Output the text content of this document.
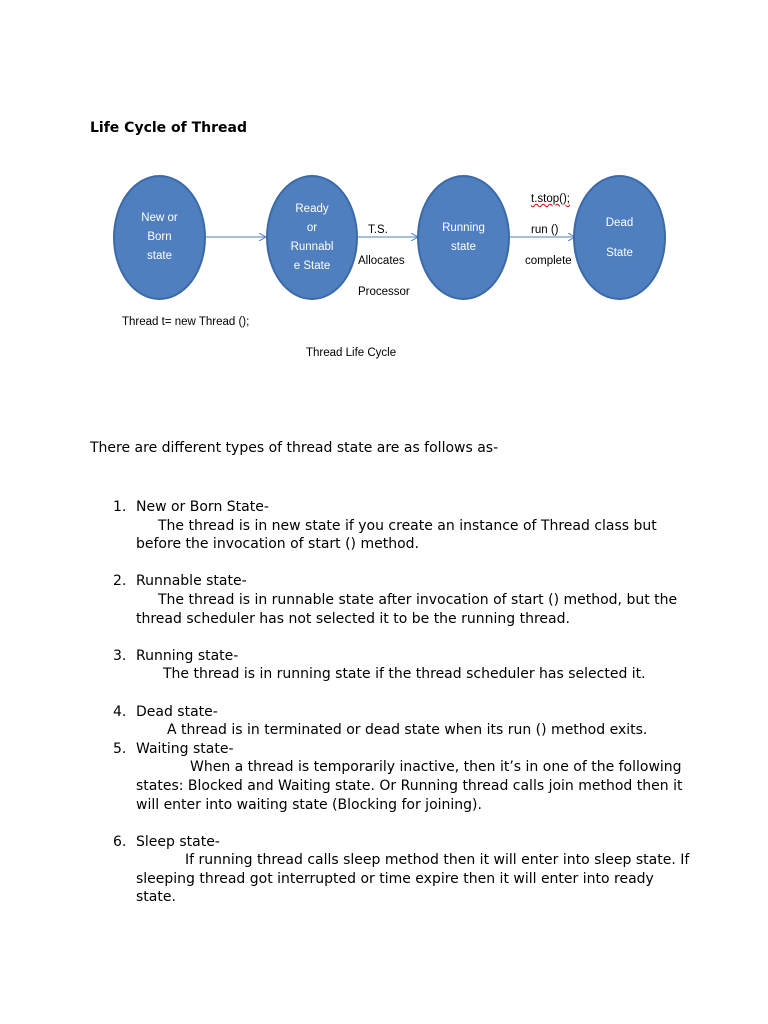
Life Cycle of Thread
New or
Born
state
Ready
or
Runnabl
e State
Running
state
Dead
State
T.S.
Allocates
Processor
t.stop();
run ()
complete
Thread t= new Thread ();
Thread Life Cycle
There are different types of thread state are as follows as-
1. New or Born State-
The thread is in new state if you create an instance of Thread class but before the invocation of start () method.
2. Runnable state-
The thread is in runnable state after invocation of start () method, but the thread scheduler has not selected it to be the running thread.
3. Running state-
The thread is in running state if the thread scheduler has selected it.
4. Dead state-
A thread is in terminated or dead state when its run () method exits.
5. Waiting state-
When a thread is temporarily inactive, then it’s in one of the following states: Blocked and Waiting state. Or Running thread calls join method then it will enter into waiting state (Blocking for joining).
6. Sleep state-
If running thread calls sleep method then it will enter into sleep state. If sleeping thread got interrupted or time expire then it will enter into ready state.
